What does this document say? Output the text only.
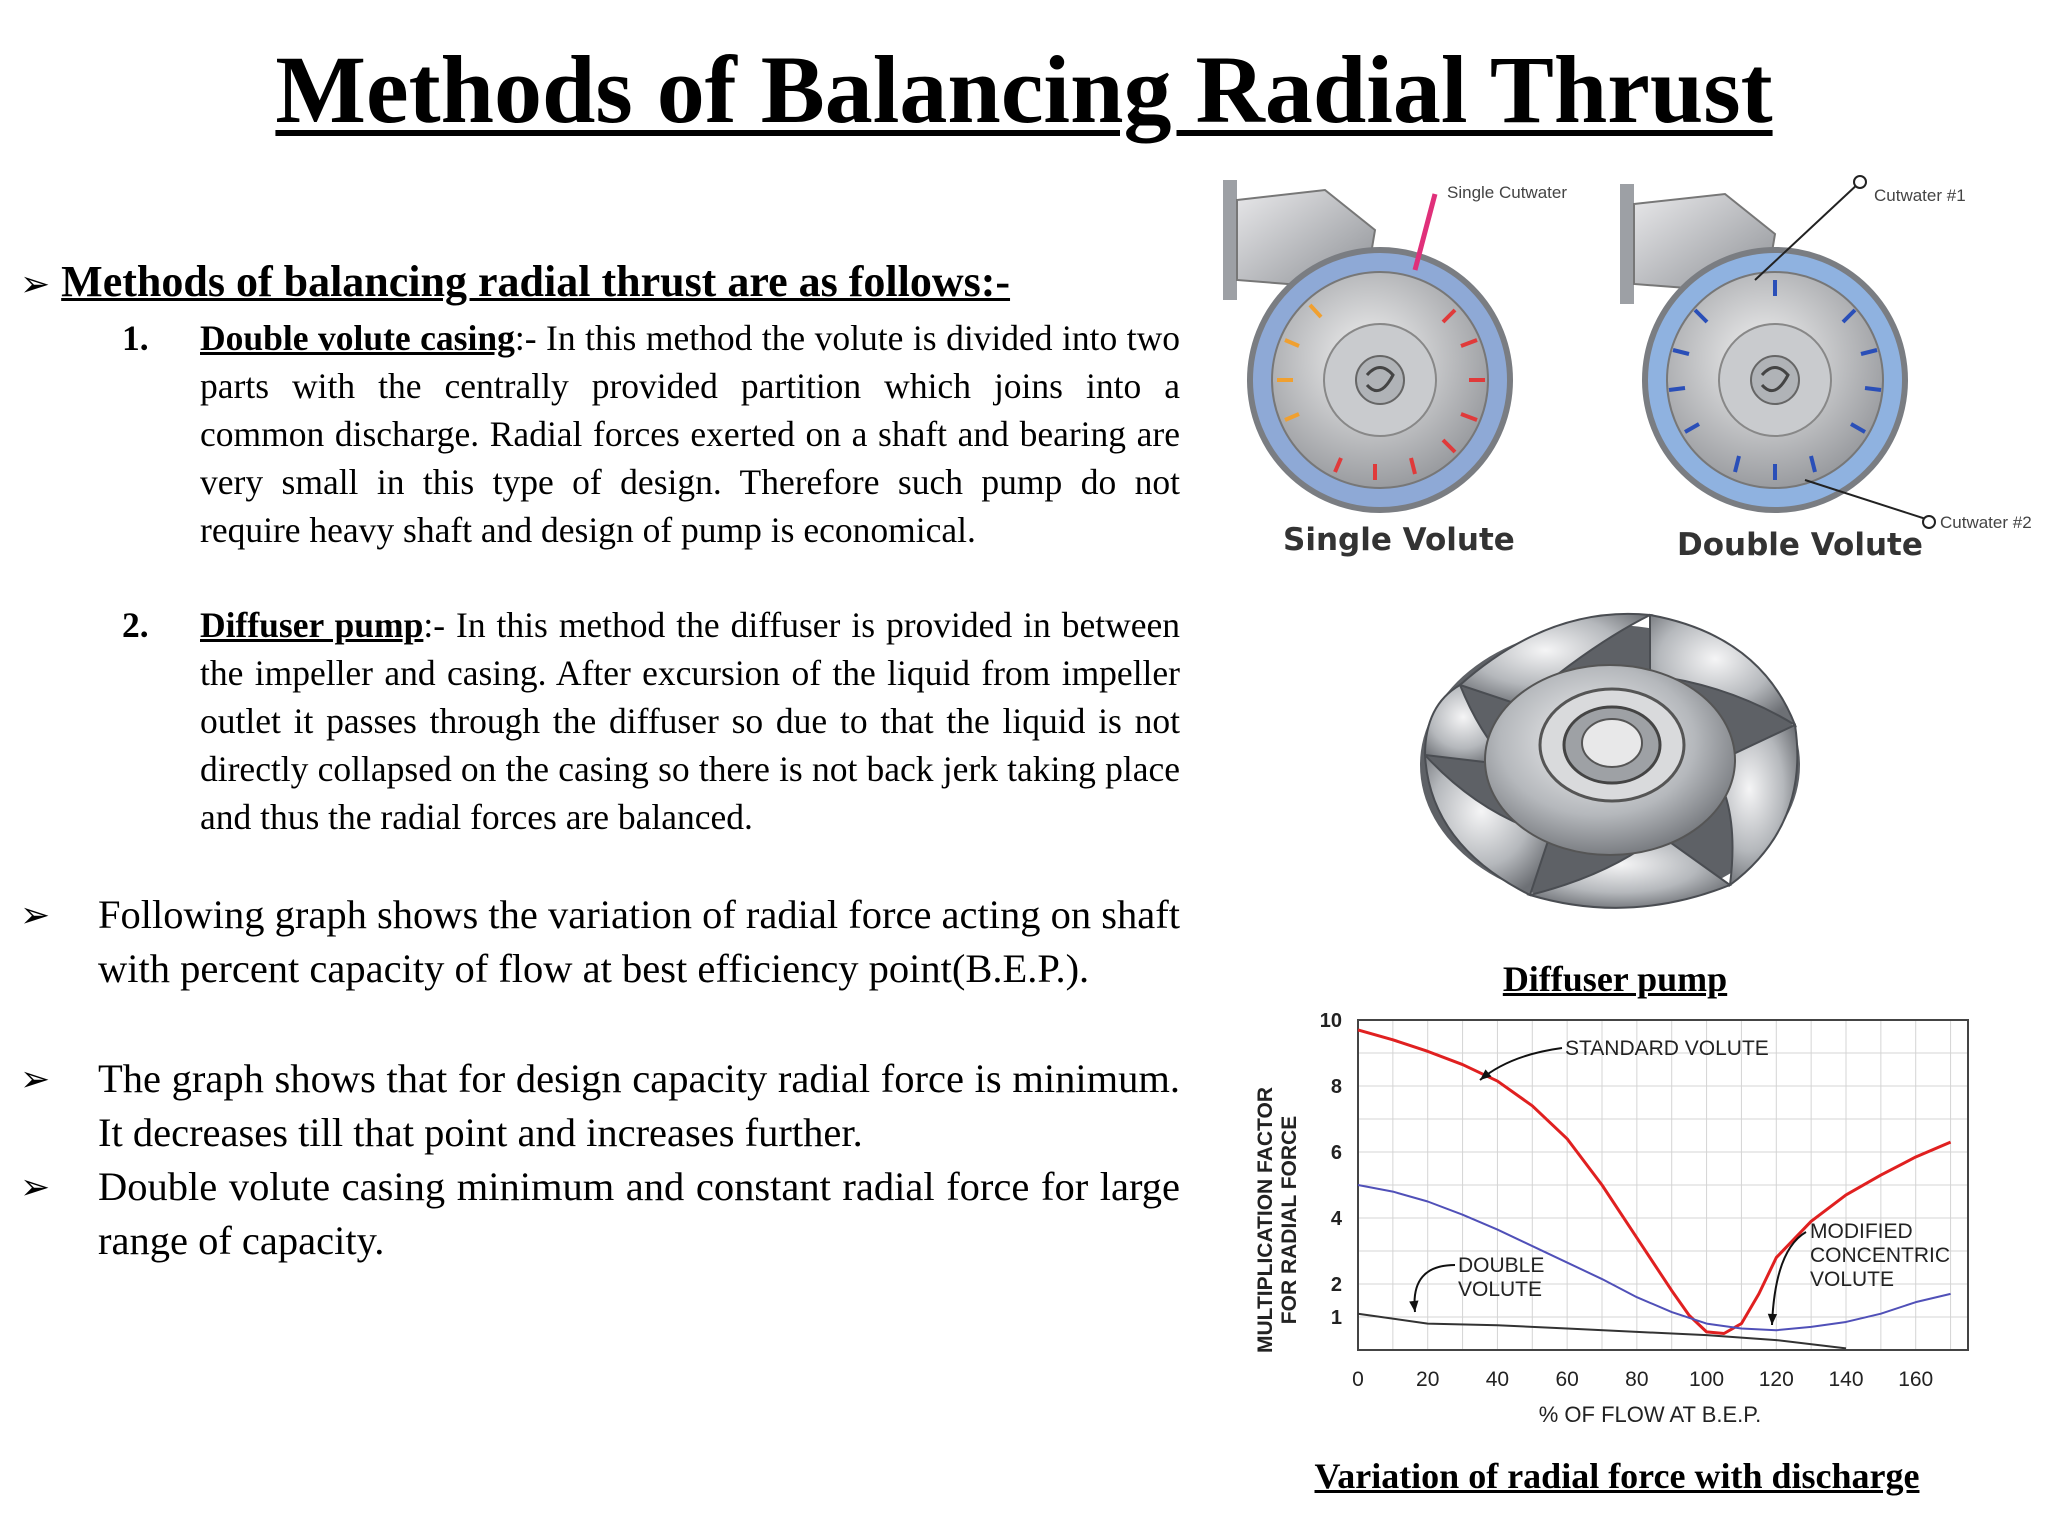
Methods of Balancing Radial Thrust
➢ Methods of balancing radial thrust are as follows:-
1. Double volute casing:- In this method the volute is divided into two parts with the centrally provided partition which joins into a common discharge. Radial forces exerted on a shaft and bearing are very small in this type of design. Therefore such pump do not require heavy shaft and design of pump is economical.
2. Diffuser pump:- In this method the diffuser is provided in between the impeller and casing. After excursion of the liquid from impeller outlet it passes through the diffuser so due to that the liquid is not directly collapsed on the casing so there is not back jerk taking place and thus the radial forces are balanced.
➢ Following graph shows the variation of radial force acting on shaft with percent capacity of flow at best efficiency point(B.E.P.).
➢ The graph shows that for design capacity radial force is minimum. It decreases till that point and increases further.
➢ Double volute casing minimum and constant radial force for large range of capacity.
Single Cutwater	Cutwater #1
Cutwater #2
Single Volute	Double Volute
Diffuser pump
0 20 40 60 80 100 120 140 160
1
2
4
6
8
10
STANDARD VOLUTE
DOUBLE
VOLUTE
MODIFIED
CONCENTRIC
VOLUTE
% OF FLOW AT B.E.P.
MULTIPLICATION FACTOR FOR RADIAL FORCE
Variation of radial force with discharge
